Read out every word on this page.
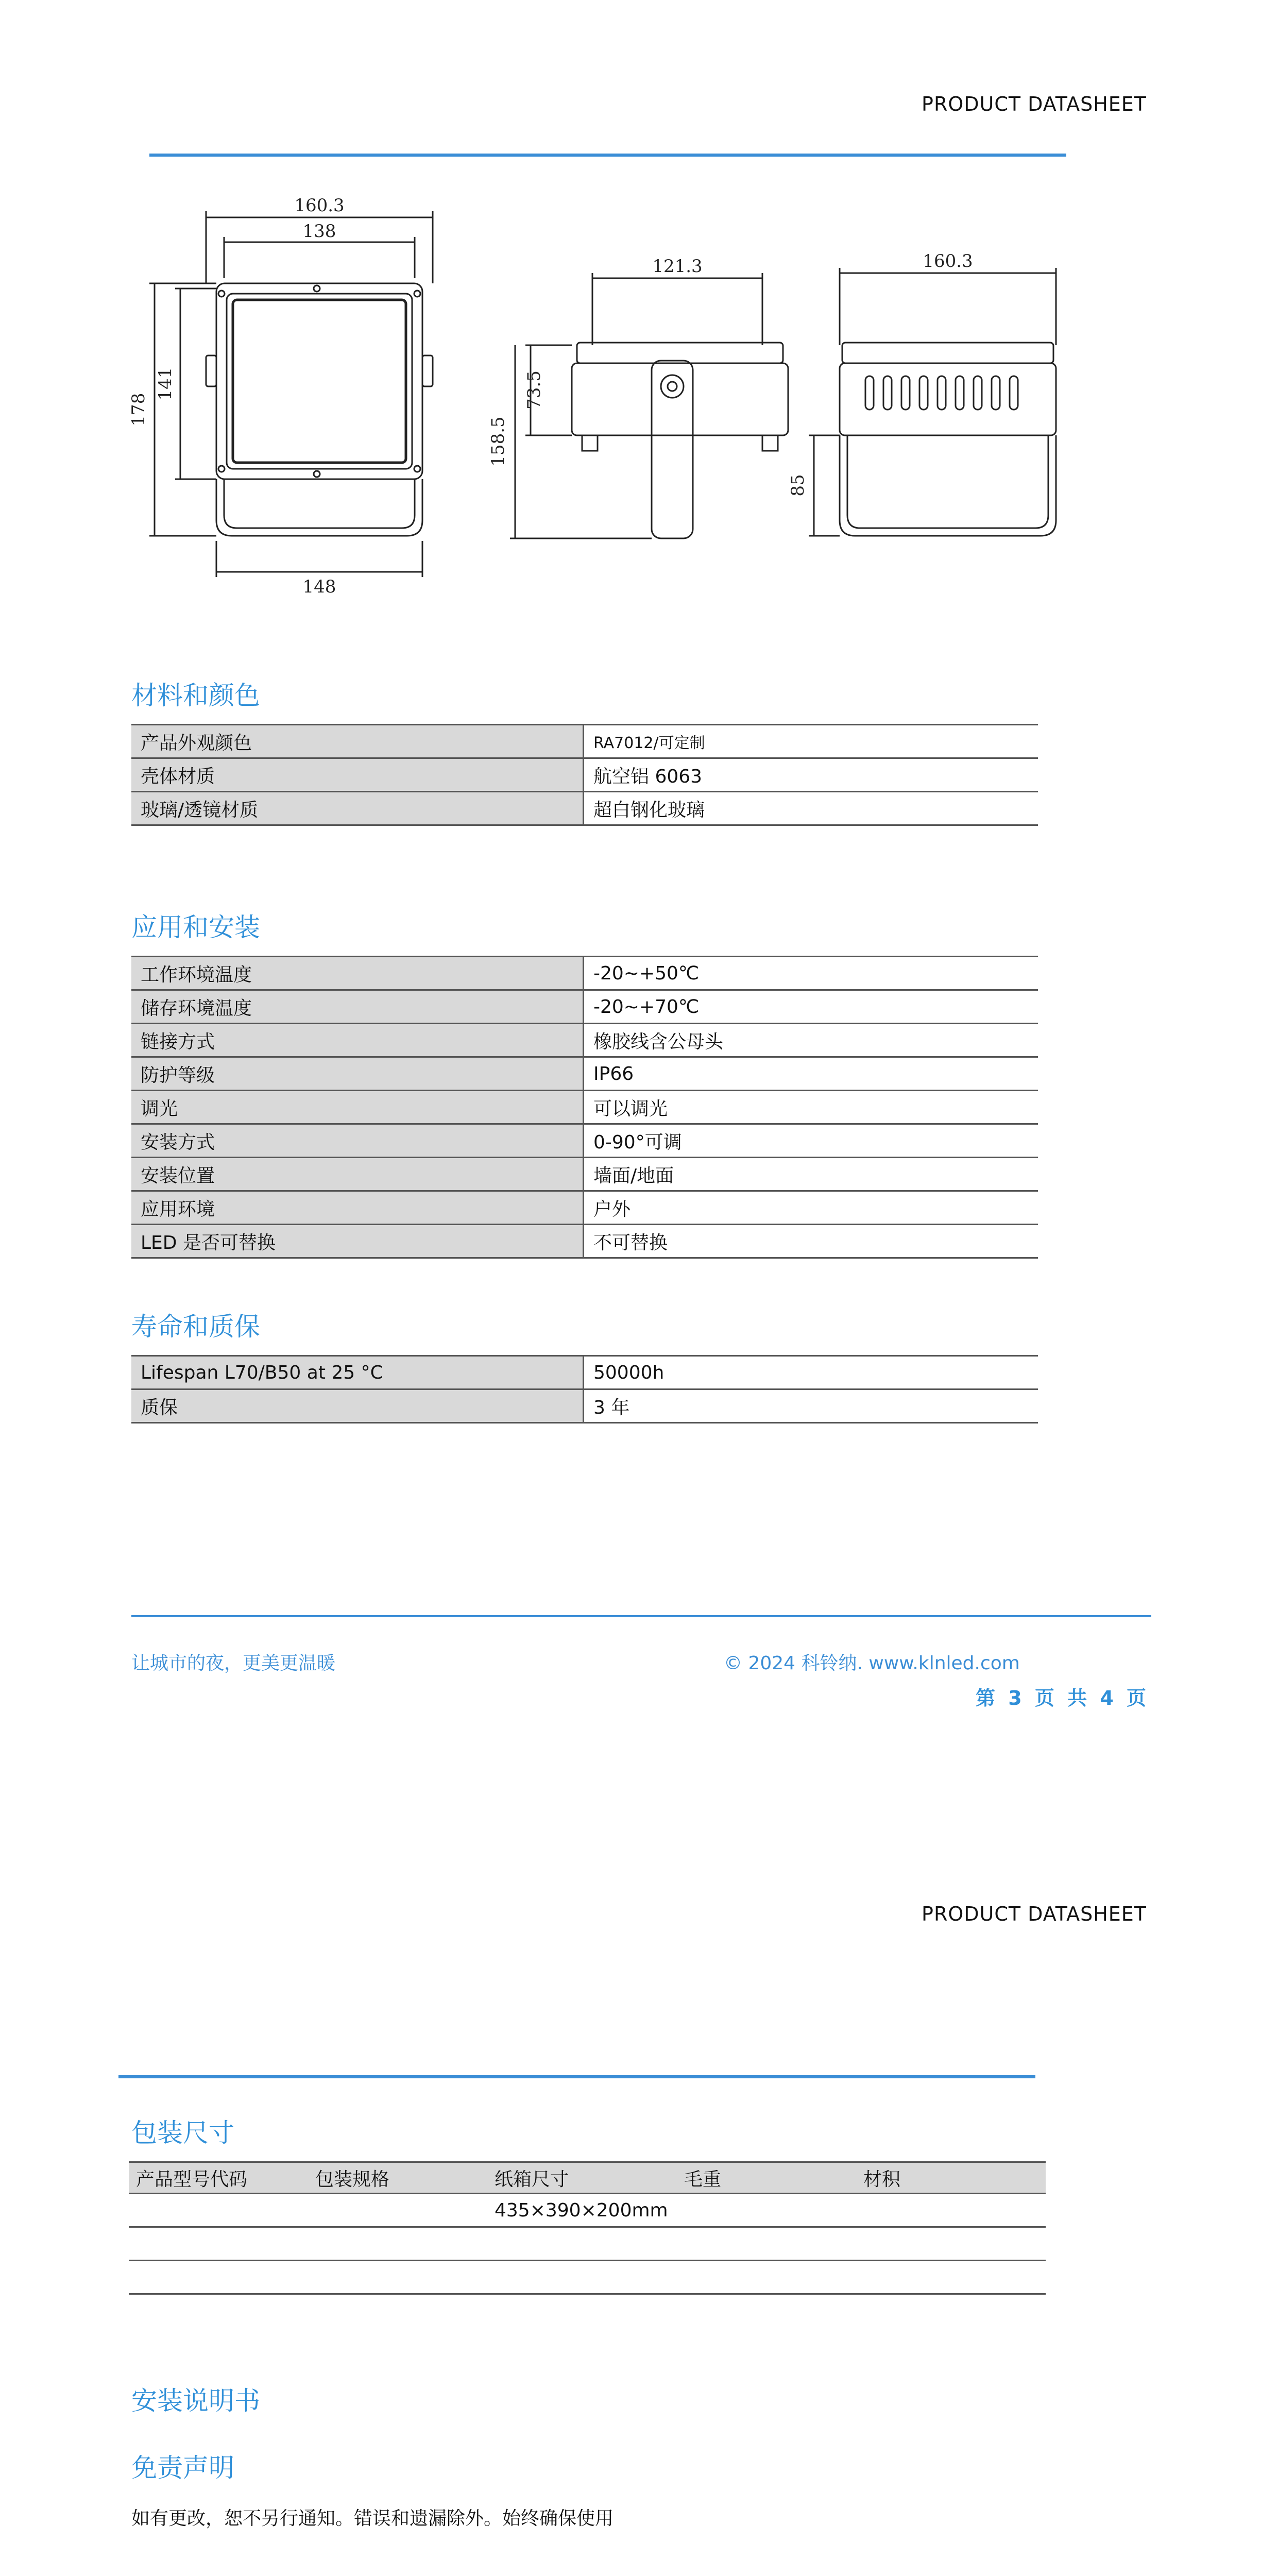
PRODUCT DATASHEET
160.3
138
178
141
148
121.3
73.5
158.5
160.3
85
材料和颜色
产品外观颜色	RA7012/可定制
壳体材质	航空铝 6063
玻璃/透镜材质	超白钢化玻璃
应用和安装
工作环境温度	-20~+50℃
储存环境温度	-20~+70℃
链接方式	橡胶线含公母头
防护等级	IP66
调光	可以调光
安装方式	0-90°可调
安装位置	墙面/地面
应用环境	户外
LED 是否可替换	不可替换
寿命和质保
Lifespan L70/B50 at 25 °C	50000h
质保	3 年
让城市的夜，更美更温暖	© 2024 科铃纳. www.klnled.com
第 3 页 共 4 页
PRODUCT DATASHEET
包装尺寸
产品型号代码	包装规格	纸箱尺寸	毛重	材积
		435×390×200mm		

安装说明书
免责声明
如有更改，恕不另行通知。错误和遗漏除外。始终确保使用
